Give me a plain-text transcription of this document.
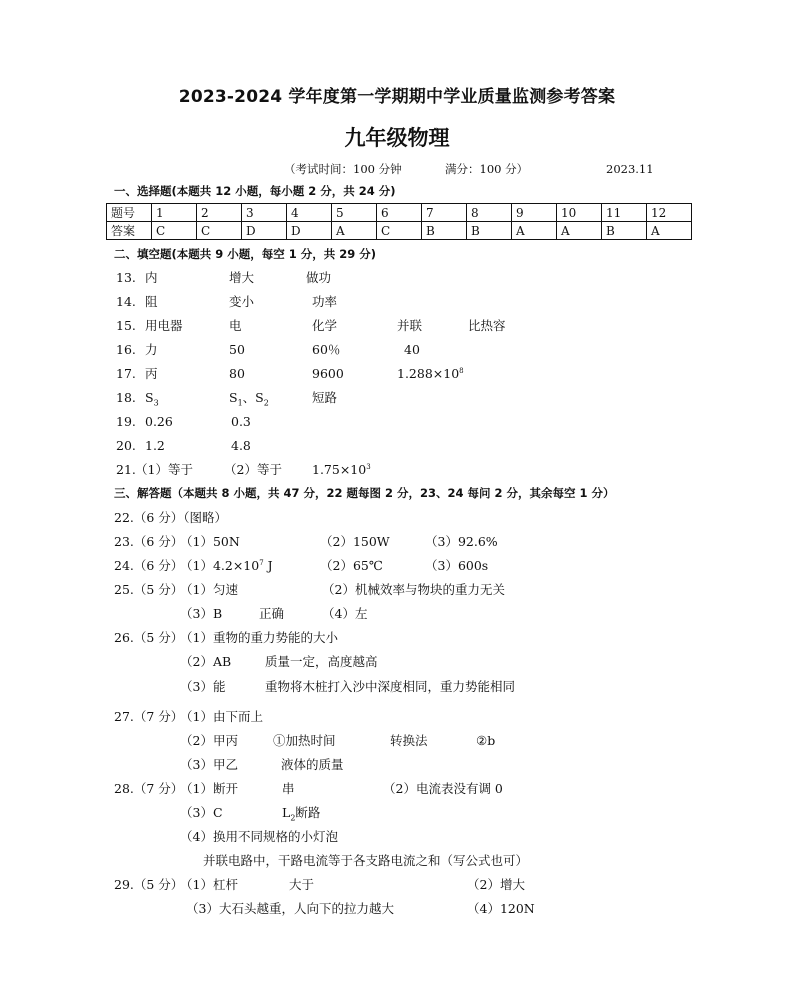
2023-2024 学年度第一学期期中学业质量监测参考答案
九年级物理
（考试时间：100 分钟	满分：100 分）	2023.11
一、选择题(本题共 12 小题，每小题 2 分，共 24 分)
题号	1	2	3	4	5	6	7	8	9	10	11	12
答案	C	C	D	D	A	C	B	B	A	A	B	A
二、填空题(本题共 9 小题，每空 1 分，共 29 分)
13. 内	增大	做功
14. 阻	变小	功率
15. 用电器	电	化学	并联	比热容
16. 力	50	60％	40
17. 丙	80	9600	$1.288\times 10^8$
18. $S_3$	$S_1$、$S_2$	短路
19. 0.26	0.3
20. 1.2	4.8
21. （1）等于 （2）等于 $1.75\times 10^3$
三、解答题（本题共 8 小题，共 47 分，22 题每图 2 分，23、24 每问 2 分，其余每空 1 分）
22.（6 分）（图略）
23.（6 分）
（1）50N	（2）150W	（3）92.6%
24.（6 分）
$(1)4.2\times 10^7$ J	（2）65℃	（3）600s
25.（5 分）
（1）匀速	（2）机械效率与物块的重力无关
（3）B	正确	（4）左
26.（5 分）
（1）重物的重力势能的大小
（2）AB	质量一定，高度越高
（3）能	重物将木桩打入沙中深度相同，重力势能相同
27.（7 分）
（1）由下而上
（2）甲丙	①加热时间	转换法	②b
（3）甲乙	液体的质量
28.（7 分）
（1）断开	串	（2）电流表没有调 0
（3）C	$L_2$断路
（4）换用不同规格的小灯泡
并联电路中，干路电流等于各支路电流之和（写公式也可）
29.（5 分）
（1）杠杆	大于	（2）增大
（3）大石头越重，人向下的拉力越大	（4）120N
